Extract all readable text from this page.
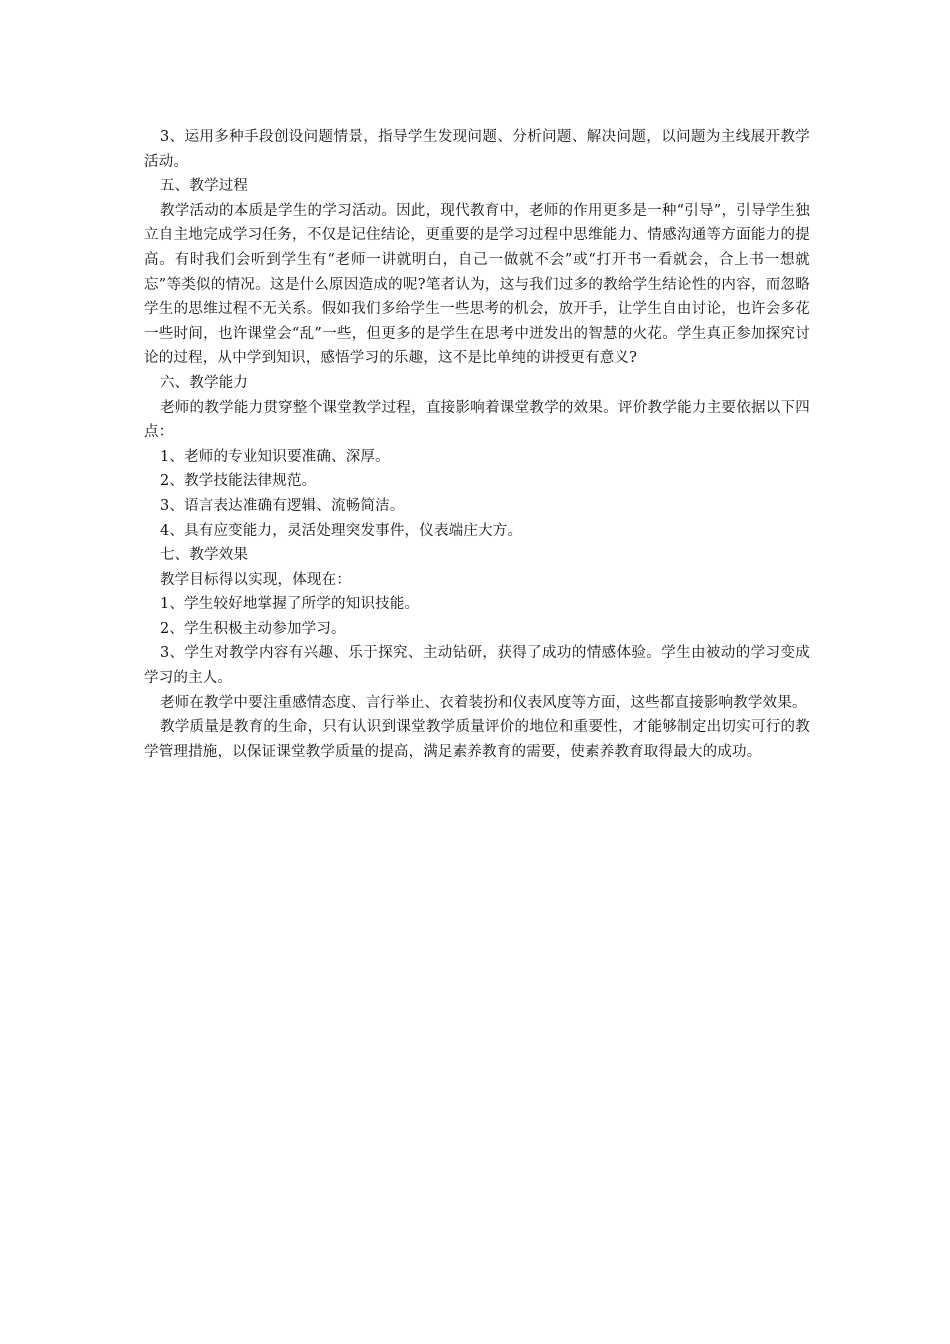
3、运用多种手段创设问题情景，指导学生发现问题、分析问题、解决问题，以问题为主线展开教学活动。

五、教学过程

教学活动的本质是学生的学习活动。因此，现代教育中，老师的作用更多是一种“引导”，引导学生独立自主地完成学习任务，不仅是记住结论，更重要的是学习过程中思维能力、情感沟通等方面能力的提高。有时我们会听到学生有“老师一讲就明白，自己一做就不会”或“打开书一看就会，合上书一想就忘”等类似的情况。这是什么原因造成的呢?笔者认为，这与我们过多的教给学生结论性的内容，而忽略学生的思维过程不无关系。假如我们多给学生一些思考的机会，放开手，让学生自由讨论，也许会多花一些时间，也许课堂会“乱”一些，但更多的是学生在思考中迸发出的智慧的火花。学生真正参加探究讨论的过程，从中学到知识，感悟学习的乐趣，这不是比单纯的讲授更有意义?

六、教学能力

老师的教学能力贯穿整个课堂教学过程，直接影响着课堂教学的效果。评价教学能力主要依据以下四点：

1、老师的专业知识要准确、深厚。

2、教学技能法律规范。

3、语言表达准确有逻辑、流畅简洁。

4、具有应变能力，灵活处理突发事件，仪表端庄大方。

七、教学效果

教学目标得以实现，体现在：

1、学生较好地掌握了所学的知识技能。

2、学生积极主动参加学习。

3、学生对教学内容有兴趣、乐于探究、主动钻研，获得了成功的情感体验。学生由被动的学习变成学习的主人。

老师在教学中要注重感情态度、言行举止、衣着装扮和仪表风度等方面，这些都直接影响教学效果。

教学质量是教育的生命，只有认识到课堂教学质量评价的地位和重要性，才能够制定出切实可行的教学管理措施，以保证课堂教学质量的提高，满足素养教育的需要，使素养教育取得最大的成功。
